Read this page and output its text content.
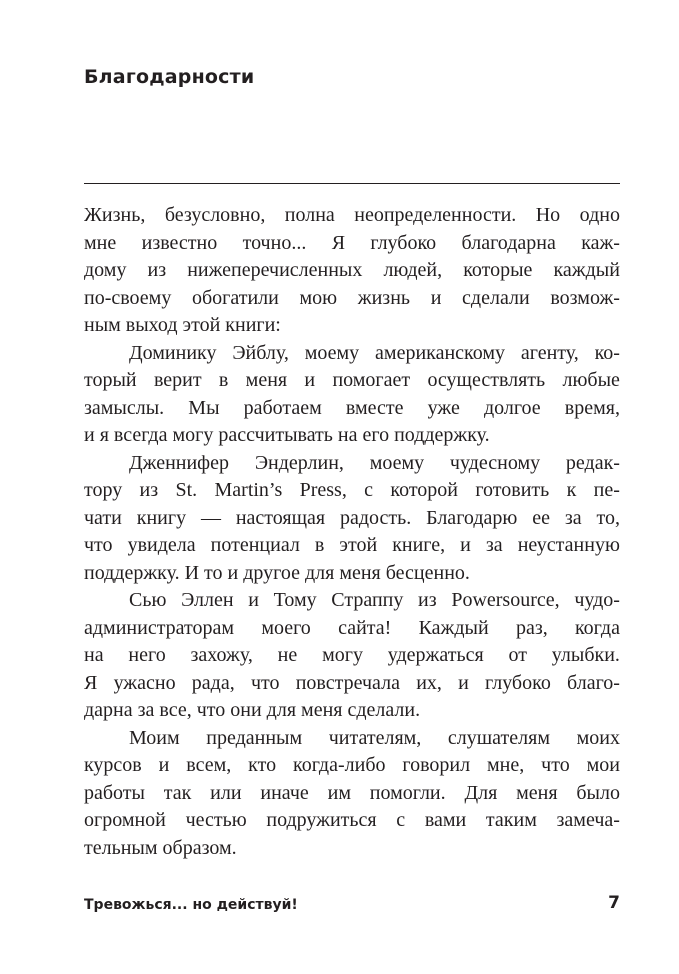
Благодарности
Жизнь, безусловно, полна неопределенности. Но одно
мне известно точно... Я глубоко благодарна каж-
дому из нижеперечисленных людей, которые каждый
по-своему обогатили мою жизнь и сделали возмож-
ным выход этой книги:
Доминику Эйблу, моему американскому агенту, ко-
торый верит в меня и помогает осуществлять любые
замыслы. Мы работаем вместе уже долгое время,
и я всегда могу рассчитывать на его поддержку.
Дженнифер Эндерлин, моему чудесному редак-
тору из St. Martin’s Press, с которой готовить к пе-
чати книгу — настоящая радость. Благодарю ее за то,
что увидела потенциал в этой книге, и за неустанную
поддержку. И то и другое для меня бесценно.
Сью Эллен и Тому Страппу из Powersource, чудо-
администраторам моего сайта! Каждый раз, когда
на него захожу, не могу удержаться от улыбки.
Я ужасно рада, что повстречала их, и глубоко благо-
дарна за все, что они для меня сделали.
Моим преданным читателям, слушателям моих
курсов и всем, кто когда-либо говорил мне, что мои
работы так или иначе им помогли. Для меня было
огромной честью подружиться с вами таким замеча-
тельным образом.
Тревожься... но действуй!	7
